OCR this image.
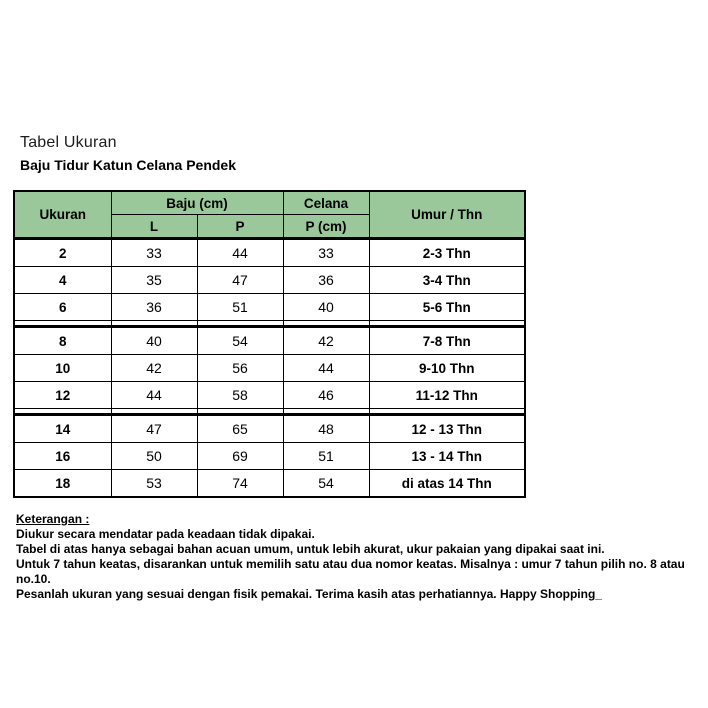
Tabel Ukuran
Baju Tidur Katun Celana Pendek
Ukuran	Baju (cm)		Celana	Umur / Thn
	L	P	P (cm)	
2	33	44	33	2-3 Thn
4	35	47	36	3-4 Thn
6	36	51	40	5-6 Thn

8	40	54	42	7-8 Thn
10	42	56	44	9-10 Thn
12	44	58	46	11-12 Thn

14	47	65	48	12 - 13 Thn
16	50	69	51	13 - 14 Thn
18	53	74	54	di atas 14 Thn
Keterangan :
Diukur secara mendatar pada keadaan tidak dipakai.
Tabel di atas hanya sebagai bahan acuan umum, untuk lebih akurat, ukur pakaian yang dipakai saat ini.
Untuk 7 tahun keatas, disarankan untuk memilih satu atau dua nomor keatas. Misalnya : umur 7 tahun pilih no. 8 atau no.10.
Pesanlah ukuran yang sesuai dengan fisik pemakai. Terima kasih atas perhatiannya. Happy Shopping_
